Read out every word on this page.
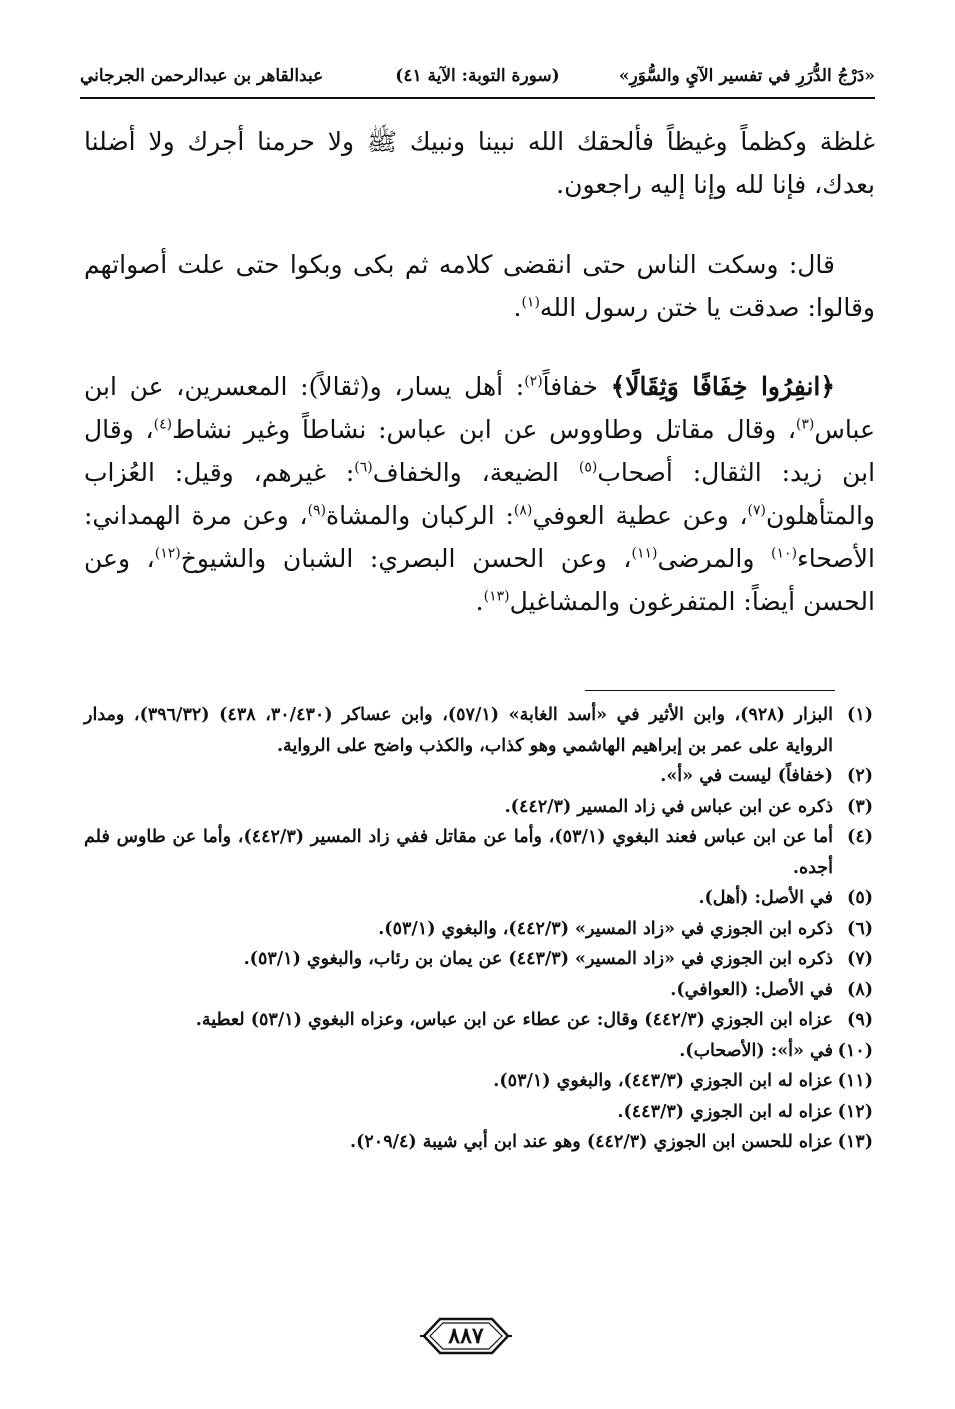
«دَرْجُ الدُّرَرِ في تفسير الآيِ والسُّوَرِ»
(سورة التوبة: الآية ٤١)
عبدالقاهر بن عبدالرحمن الجرجاني
غلظة وكظماً وغيظاً فألحقك الله نبينا ونبيك ﷺ ولا حرمنا أجرك ولا أضلنا بعدك، فإنا لله وإنا إليه راجعون.
قال: وسكت الناس حتى انقضى كلامه ثم بكى وبكوا حتى علت أصواتهم وقالوا: صدقت يا ختن رسول الله$^{(١)}$.
﴿انفِرُوا خِفَافًا وَثِقَالًا﴾ خفافاً$^{(٢)}$: أهل يسار، و(ثقالاً): المعسرين، عن ابن عباس$^{(٣)}$، وقال مقاتل وطاووس عن ابن عباس: نشاطاً وغير نشاط$^{(٤)}$، وقال ابن زيد: الثقال: أصحاب$^{(٥)}$ الضيعة، والخفاف$^{(٦)}$: غيرهم، وقيل: العُزاب والمتأهلون$^{(٧)}$، وعن عطية العوفي$^{(٨)}$: الركبان والمشاة$^{(٩)}$، وعن مرة الهمداني: الأصحاء$^{(١٠)}$ والمرضى$^{(١١)}$، وعن الحسن البصري: الشبان والشيوخ$^{(١٢)}$، وعن الحسن أيضاً: المتفرغون والمشاغيل$^{(١٣)}$.
(١)
البزار (٩٢٨)، وابن الأثير في «أسد الغابة» (٥٧/١)، وابن عساكر (٣٠/٤٣٠، ٤٣٨) (٣٩٦/٣٢)، ومدار الرواية على عمر بن إبراهيم الهاشمي وهو كذاب، والكذب واضح على الرواية.
(٢)
(خفافاً) ليست في «أ».
(٣)
ذكره عن ابن عباس في زاد المسير (٤٤٢/٣).
(٤)
أما عن ابن عباس فعند البغوي (٥٣/١)، وأما عن مقاتل ففي زاد المسير (٤٤٢/٣)، وأما عن طاوس فلم أجده.
(٥)
في الأصل: (أهل).
(٦)
ذكره ابن الجوزي في «زاد المسير» (٤٤٢/٣)، والبغوي (٥٣/١).
(٧)
ذكره ابن الجوزي في «زاد المسير» (٤٤٣/٣) عن يمان بن رئاب، والبغوي (٥٣/١).
(٨)
في الأصل: (العوافي).
(٩)
عزاه ابن الجوزي (٤٤٢/٣) وقال: عن عطاء عن ابن عباس، وعزاه البغوي (٥٣/١) لعطية.
(١٠)
في «أ»: (الأصحاب).
(١١)
عزاه له ابن الجوزي (٤٤٣/٣)، والبغوي (٥٣/١).
(١٢)
عزاه له ابن الجوزي (٤٤٣/٣).
(١٣)
عزاه للحسن ابن الجوزي (٤٤٢/٣) وهو عند ابن أبي شيبة (٢٠٩/٤).
٨٨٧
